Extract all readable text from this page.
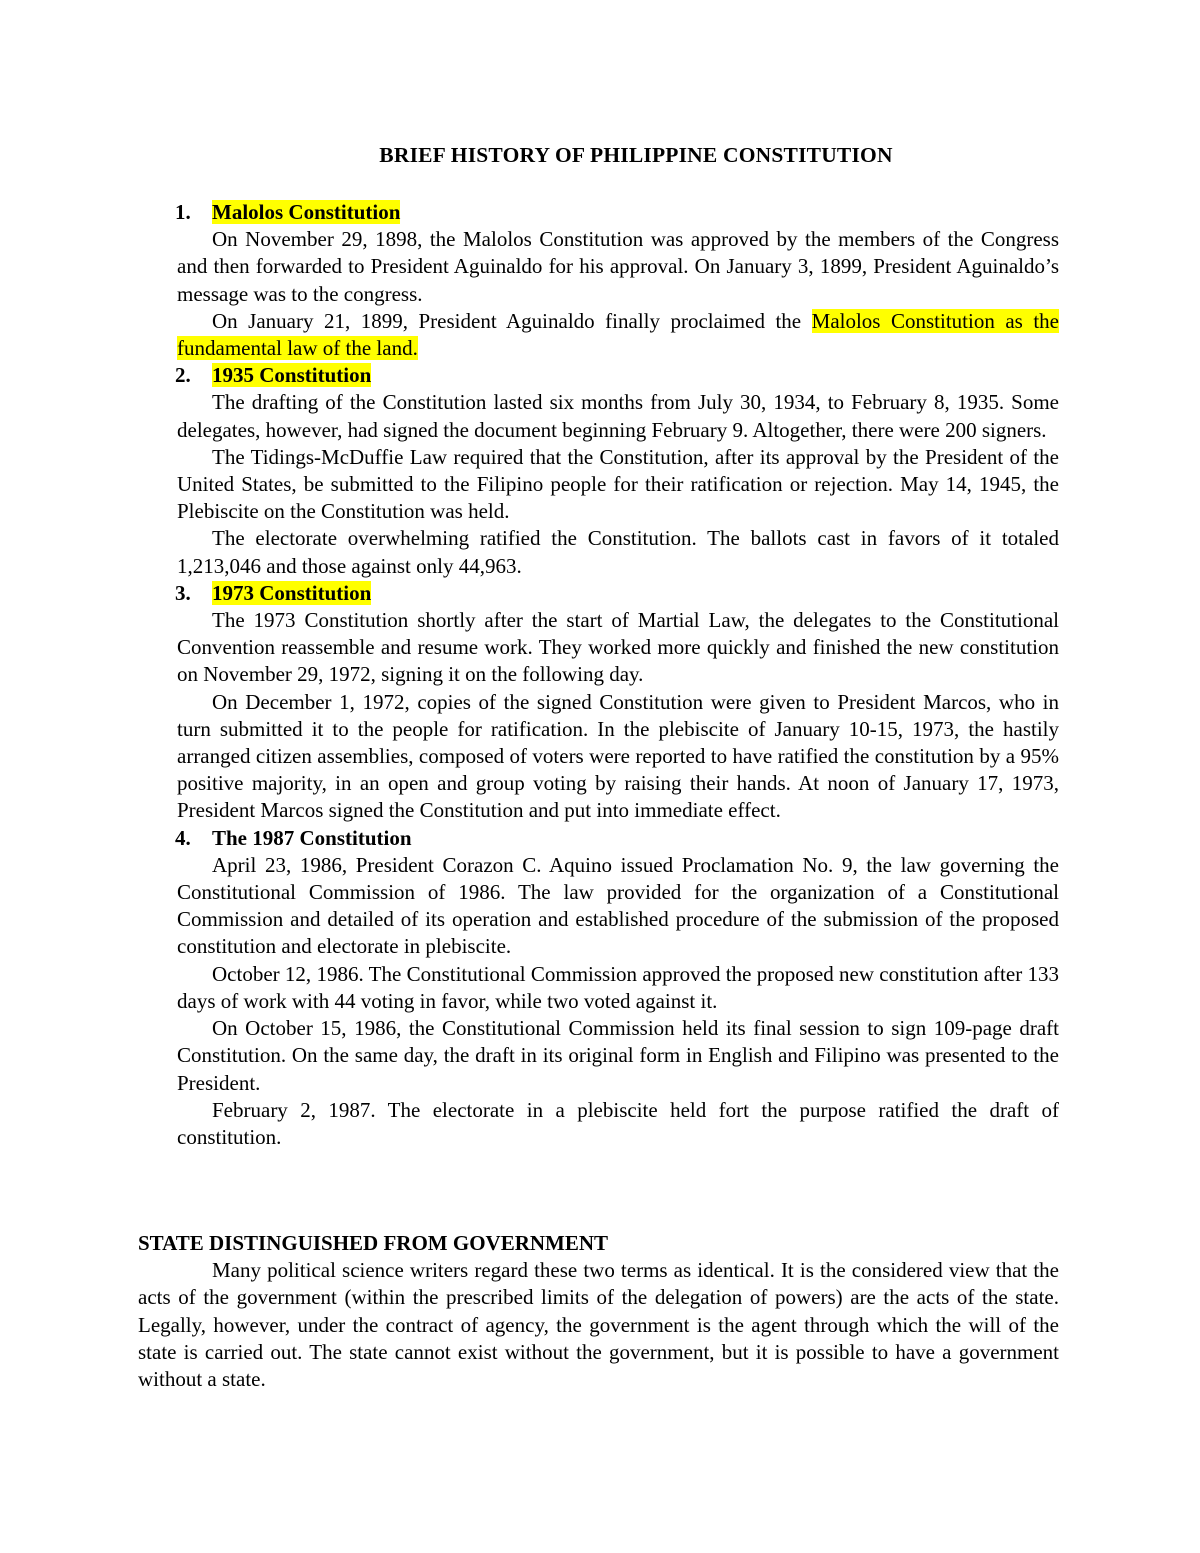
BRIEF HISTORY OF PHILIPPINE CONSTITUTION
1. Malolos Constitution

On November 29, 1898, the Malolos Constitution was approved by the members of the Congress and then forwarded to President Aguinaldo for his approval. On January 3, 1899, President Aguinaldo’s message was to the congress.

On January 21, 1899, President Aguinaldo finally proclaimed the Malolos Constitution as the fundamental law of the land.

2. 1935 Constitution

The drafting of the Constitution lasted six months from July 30, 1934, to February 8, 1935. Some delegates, however, had signed the document beginning February 9. Altogether, there were 200 signers.

The Tidings-McDuffie Law required that the Constitution, after its approval by the President of the United States, be submitted to the Filipino people for their ratification or rejection. May 14, 1945, the Plebiscite on the Constitution was held.

The electorate overwhelming ratified the Constitution. The ballots cast in favors of it totaled 1,213,046 and those against only 44,963.

3. 1973 Constitution

The 1973 Constitution shortly after the start of Martial Law, the delegates to the Constitutional Convention reassemble and resume work. They worked more quickly and finished the new constitution on November 29, 1972, signing it on the following day.

On December 1, 1972, copies of the signed Constitution were given to President Marcos, who in turn submitted it to the people for ratification. In the plebiscite of January 10-15, 1973, the hastily arranged citizen assemblies, composed of voters were reported to have ratified the constitution by a 95% positive majority, in an open and group voting by raising their hands. At noon of January 17, 1973, President Marcos signed the Constitution and put into immediate effect.

4. The 1987 Constitution

April 23, 1986, President Corazon C. Aquino issued Proclamation No. 9, the law governing the Constitutional Commission of 1986. The law provided for the organization of a Constitutional Commission and detailed of its operation and established procedure of the submission of the proposed constitution and electorate in plebiscite.

October 12, 1986. The Constitutional Commission approved the proposed new constitution after 133 days of work with 44 voting in favor, while two voted against it.

On October 15, 1986, the Constitutional Commission held its final session to sign 109-page draft Constitution. On the same day, the draft in its original form in English and Filipino was presented to the President.

February 2, 1987. The electorate in a plebiscite held fort the purpose ratified the draft of constitution.

STATE DISTINGUISHED FROM GOVERNMENT

Many political science writers regard these two terms as identical. It is the considered view that the acts of the government (within the prescribed limits of the delegation of powers) are the acts of the state. Legally, however, under the contract of agency, the government is the agent through which the will of the state is carried out. The state cannot exist without the government, but it is possible to have a government without a state.
